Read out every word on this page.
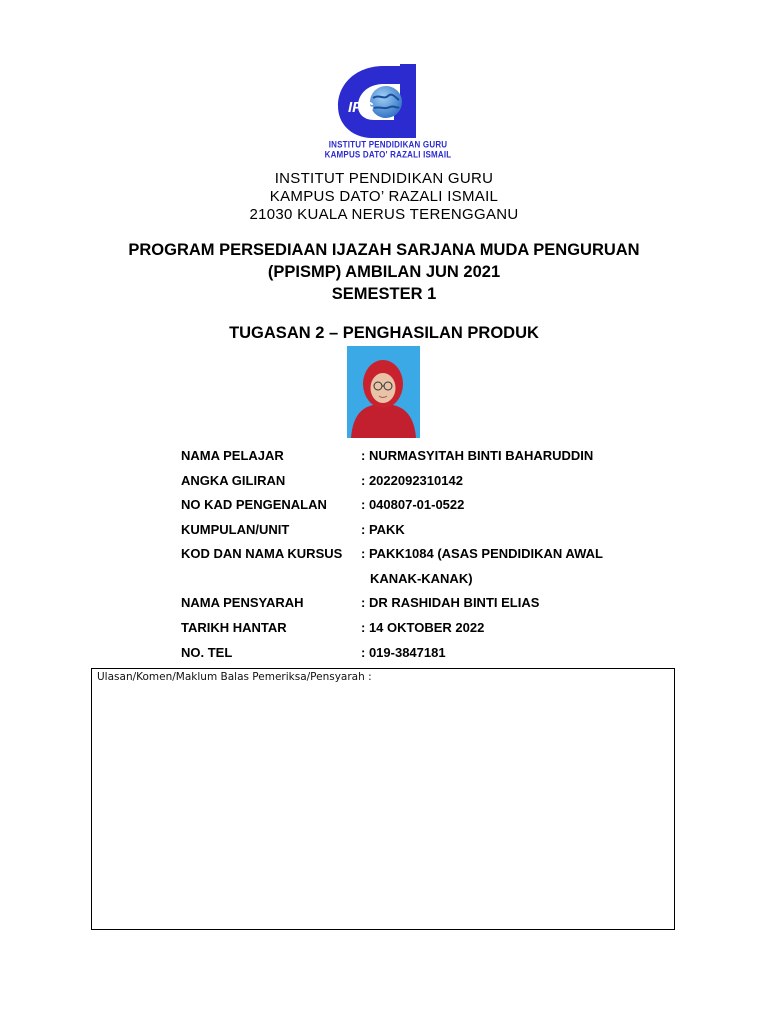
IPG
INSTITUT PENDIDIKAN GURU
KAMPUS DATO' RAZALI ISMAIL
INSTITUT PENDIDIKAN GURU
KAMPUS DATO’ RAZALI ISMAIL
21030 KUALA NERUS TERENGGANU
PROGRAM PERSEDIAAN IJAZAH SARJANA MUDA PENGURUAN
(PPISMP) AMBILAN JUN 2021
SEMESTER 1
TUGASAN 2 – PENGHASILAN PRODUK
NAMA PELAJAR	: NURMASYITAH BINTI BAHARUDDIN
ANGKA GILIRAN	: 2022092310142
NO KAD PENGENALAN	: 040807-01-0522
KUMPULAN/UNIT	: PAKK
KOD DAN NAMA KURSUS : PAKK1084 (ASAS PENDIDIKAN AWAL
KANAK-KANAK)
NAMA PENSYARAH	: DR RASHIDAH BINTI ELIAS
TARIKH HANTAR	: 14 OKTOBER 2022
NO. TEL	: 019-3847181
Ulasan/Komen/Maklum Balas Pemeriksa/Pensyarah :
